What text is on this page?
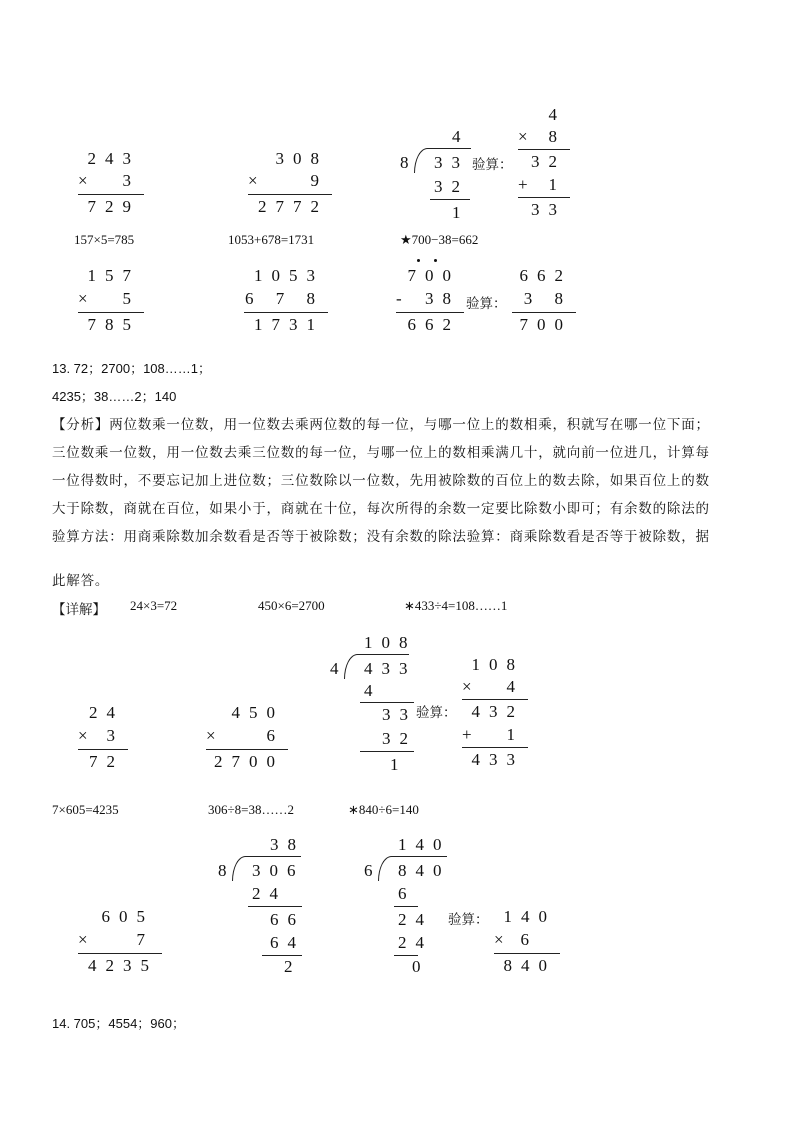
243
× 3
729
308
×	9
2772
4
8 33
32
1
验算：
4
× 8
32
+ 1
33
157×5=785	1053+678=1731	★700−38=662
157
× 5
785
1053
6 7 8
1731
700
- 38
662
验算：
662
3 8
700
13. 72；2700；108……1；
4235；38……2；140
【分析】两位数乘一位数，用一位数去乘两位数的每一位，与哪一位上的数相乘，积就写在哪一位下面；
三位数乘一位数，用一位数去乘三位数的每一位，与哪一位上的数相乘满几十，就向前一位进几，计算每
一位得数时，不要忘记加上进位数；三位数除以一位数，先用被除数的百位上的数去除，如果百位上的数
大于除数，商就在百位，如果小于，商就在十位，每次所得的余数一定要比除数小即可；有余数的除法的
验算方法：用商乘除数加余数看是否等于被除数；没有余数的除法验算：商乘除数看是否等于被除数，据
此解答。
【详解】 24×3=72	450×6=2700	∗433÷4=108……1
108
4 433
4
33
32
1
验算：
108
× 4
432
+ 1
433
24
× 3
72
450
×	6
2700
7×605=4235	306÷8=38……2	∗840÷6=140
38
8 306
24
66
64
2
140
6 840
6
24
24
0
验算： 140
× 6
840
605
×	7
4235
14. 705；4554；960；
